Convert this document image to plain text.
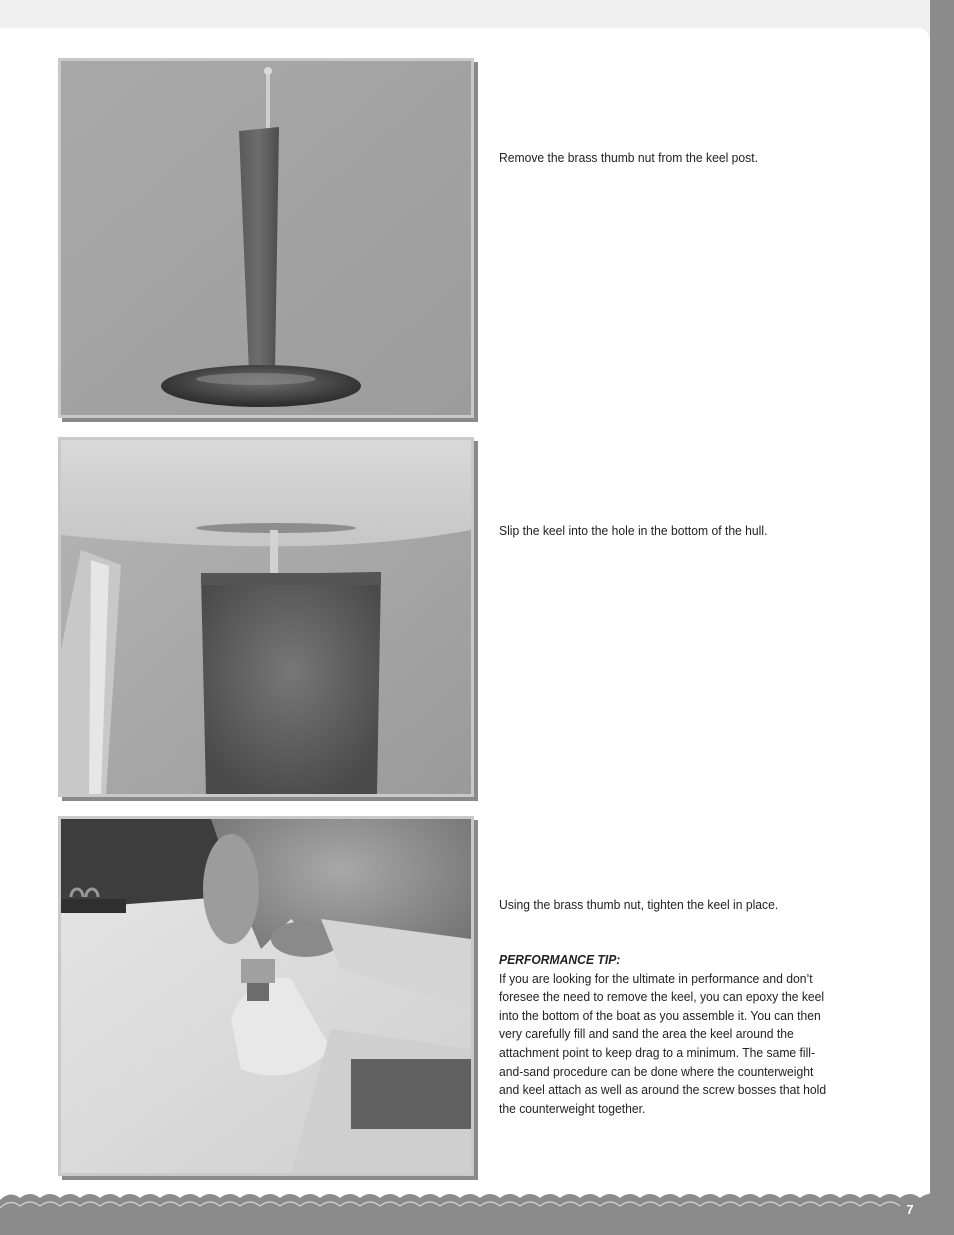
Remove the brass thumb nut from the keel post.
Slip the keel into the hole in the bottom of the hull.
Using the brass thumb nut, tighten the keel in place.
PERFORMANCE TIP:
If you are looking for the ultimate in performance and don’t foresee the need to remove the keel, you can epoxy the keel into the bottom of the boat as you assemble it. You can then very carefully fill and sand the area the keel around the attachment point to keep drag to a minimum. The same fill-and-sand procedure can be done where the counterweight and keel attach as well as around the screw bosses that hold the counterweight together.
7
